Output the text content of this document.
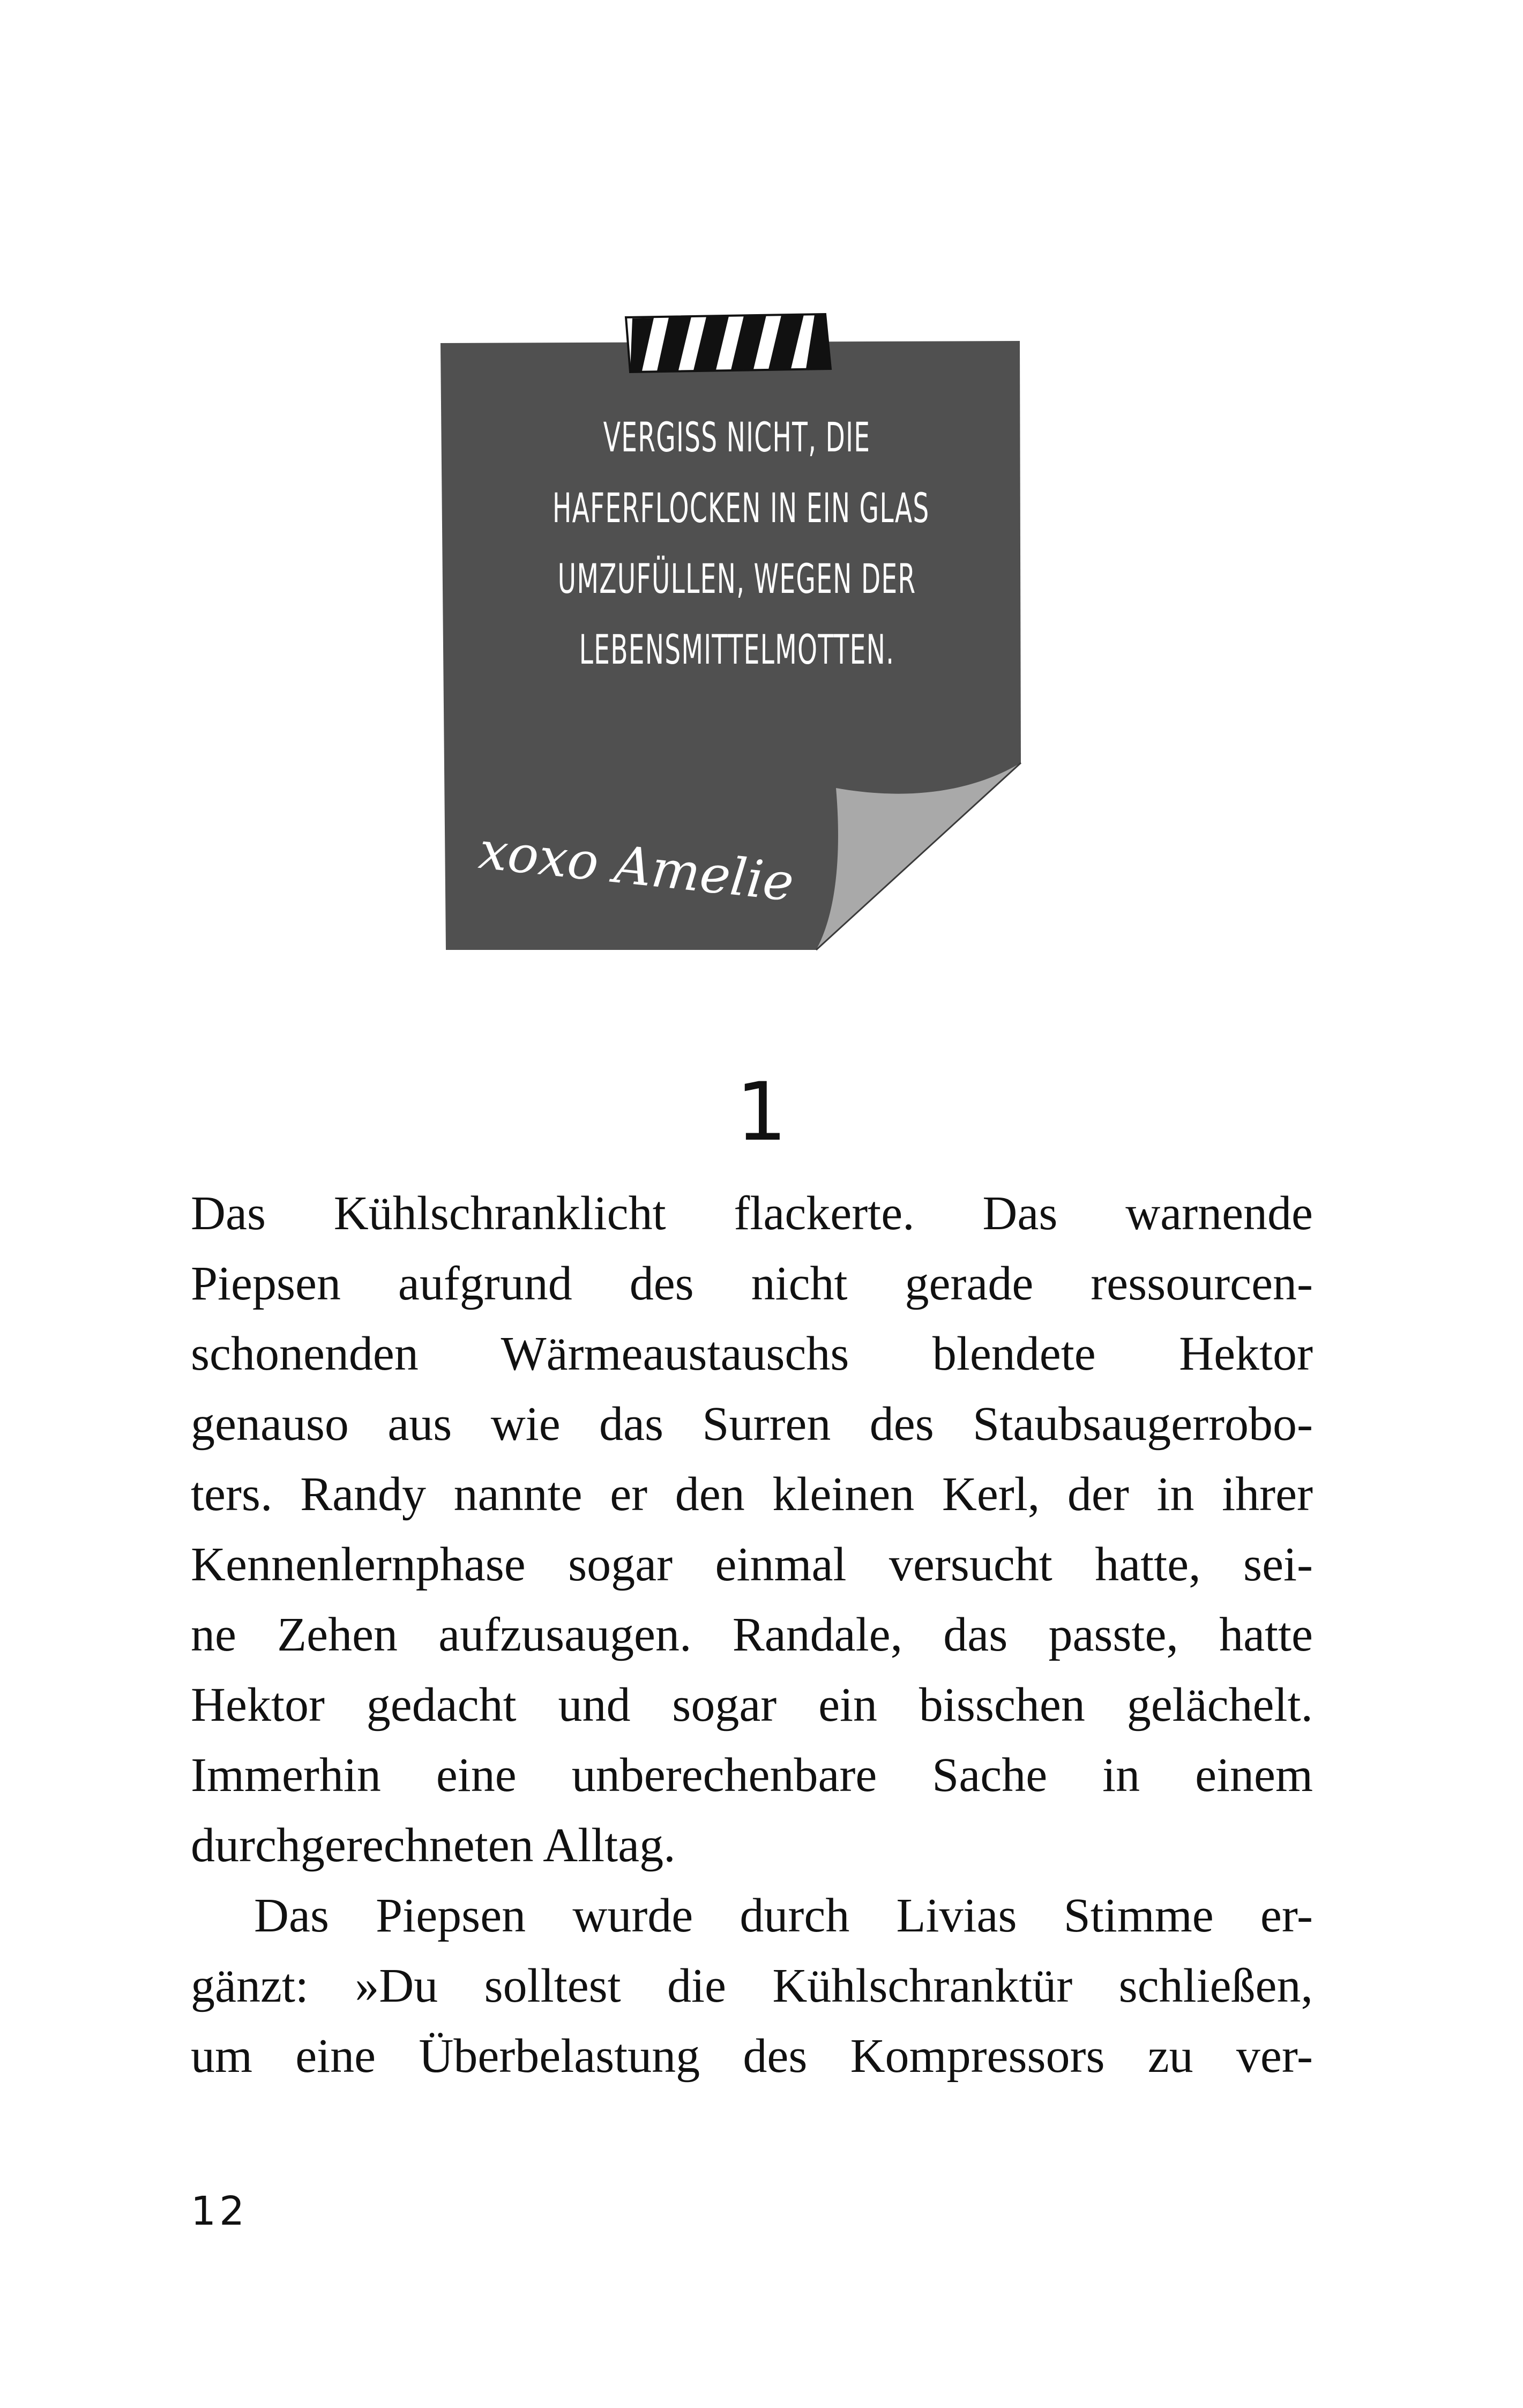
VERGISS NICHT, DIE
HAFERFLOCKEN IN EIN GLAS
UMZUFÜLLEN, WEGEN DER
LEBENSMITTELMOTTEN.
xoxo Amelie
1
Das Kühlschranklicht flackerte. Das warnende
Piepsen aufgrund des nicht gerade ressourcen-
schonenden Wärmeaustauschs blendete Hektor
genauso aus wie das Surren des Staubsaugerrobo-
ters. Randy nannte er den kleinen Kerl, der in ihrer
Kennenlernphase sogar einmal versucht hatte, sei-
ne Zehen aufzusaugen. Randale, das passte, hatte
Hektor gedacht und sogar ein bisschen gelächelt.
Immerhin eine unberechenbare Sache in einem
durchgerechneten Alltag.
Das Piepsen wurde durch Livias Stimme er-
gänzt: »Du solltest die Kühlschranktür schließen,
um eine Überbelastung des Kompressors zu ver-
12
